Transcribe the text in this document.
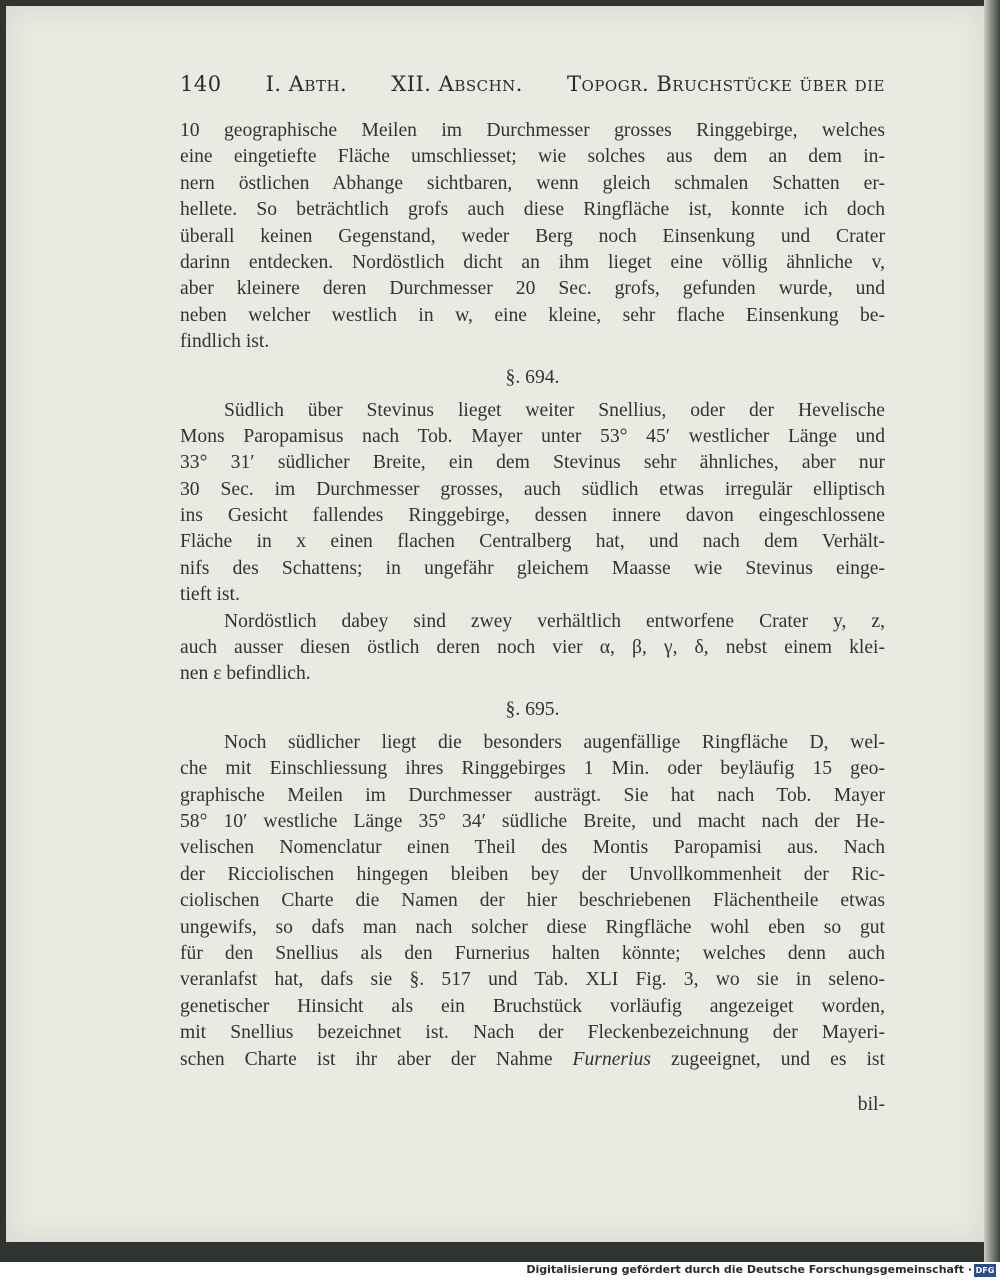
140 I. Abth. XII. Abschn. Topogr. Bruchstücke über die
10 geographische Meilen im Durchmesser grosses Ringgebirge, welches
eine eingetiefte Fläche umschliesset; wie solches aus dem an dem in-
nern östlichen Abhange sichtbaren, wenn gleich schmalen Schatten er-
hellete. So beträchtlich grofs auch diese Ringfläche ist, konnte ich doch
überall keinen Gegenstand, weder Berg noch Einsenkung und Crater
darinn entdecken. Nordöstlich dicht an ihm lieget eine völlig ähnliche v,
aber kleinere deren Durchmesser 20 Sec. grofs, gefunden wurde, und
neben welcher westlich in w, eine kleine, sehr flache Einsenkung be-
findlich ist.
§. 694.
Südlich über Stevinus lieget weiter Snellius, oder der Hevelische
Mons Paropamisus nach Tob. Mayer unter 53° 45′ westlicher Länge und
33° 31′ südlicher Breite, ein dem Stevinus sehr ähnliches, aber nur
30 Sec. im Durchmesser grosses, auch südlich etwas irregulär elliptisch
ins Gesicht fallendes Ringgebirge, dessen innere davon eingeschlossene
Fläche in x einen flachen Centralberg hat, und nach dem Verhält-
nifs des Schattens; in ungefähr gleichem Maasse wie Stevinus einge-
tieft ist.
Nordöstlich dabey sind zwey verhältlich entworfene Crater y, z,
auch ausser diesen östlich deren noch vier α, β, γ, δ, nebst einem klei-
nen ε befindlich.
§. 695.
Noch südlicher liegt die besonders augenfällige Ringfläche D, wel-
che mit Einschliessung ihres Ringgebirges 1 Min. oder beyläufig 15 geo-
graphische Meilen im Durchmesser austrägt. Sie hat nach Tob. Mayer
58° 10′ westliche Länge 35° 34′ südliche Breite, und macht nach der He-
velischen Nomenclatur einen Theil des Montis Paropamisi aus. Nach
der Ricciolischen hingegen bleiben bey der Unvollkommenheit der Ric-
ciolischen Charte die Namen der hier beschriebenen Flächentheile etwas
ungewifs, so dafs man nach solcher diese Ringfläche wohl eben so gut
für den Snellius als den Furnerius halten könnte; welches denn auch
veranlafst hat, dafs sie §. 517 und Tab. XLI Fig. 3, wo sie in seleno-
genetischer Hinsicht als ein Bruchstück vorläufig angezeiget worden,
mit Snellius bezeichnet ist. Nach der Fleckenbezeichnung der Mayeri-
schen Charte ist ihr aber der Nahme Furnerius zugeeignet, und es ist
bil-
Digitalisierung gefördert durch die Deutsche Forschungsgemeinschaft · DFG
